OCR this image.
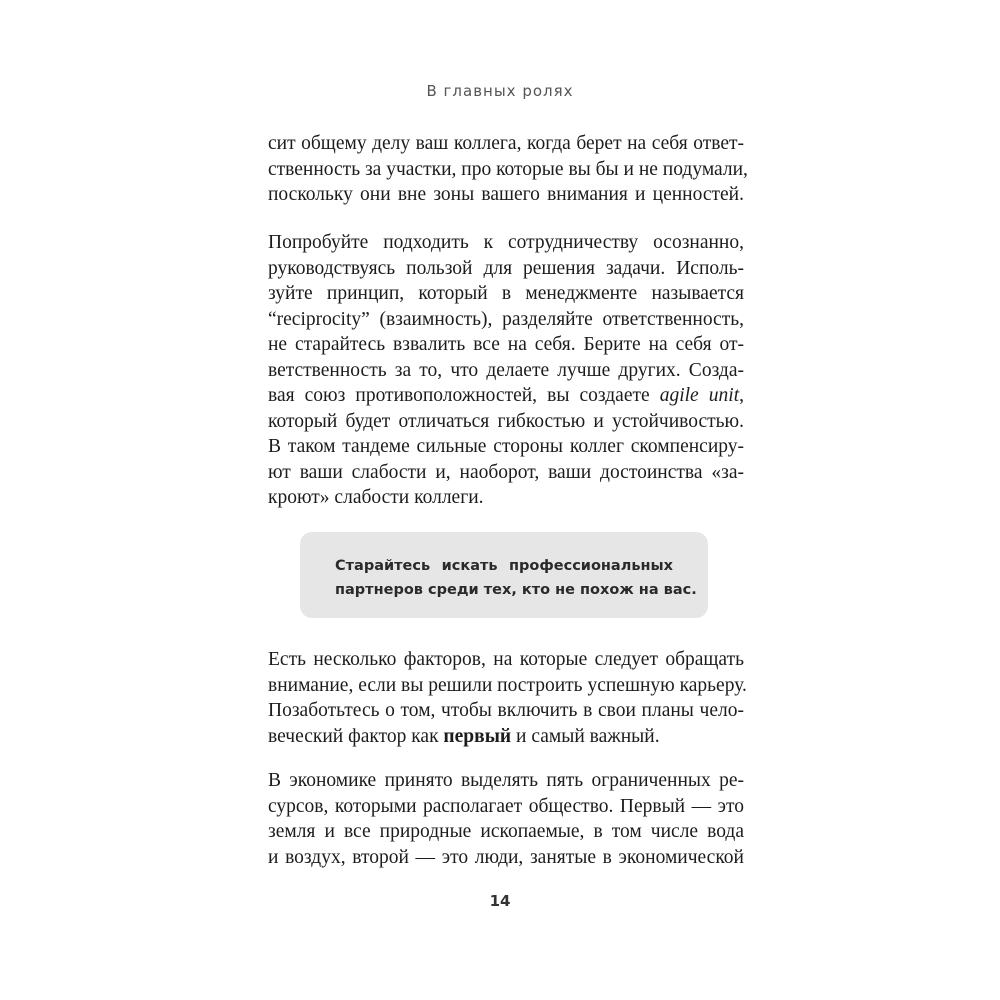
В главных ролях
сит общему делу ваш коллега, когда берет на себя ответ-
ственность за участки, про которые вы бы и не подумали,
поскольку они вне зоны вашего внимания и ценностей.
Попробуйте подходить к сотрудничеству осознанно,
руководствуясь пользой для решения задачи. Исполь-
зуйте принцип, который в менеджменте называется
“reciprocity” (взаимность), разделяйте ответственность,
не старайтесь взвалить все на себя. Берите на себя от-
ветственность за то, что делаете лучше других. Созда-
вая союз противоположностей, вы создаете agile unit,
который будет отличаться гибкостью и устойчивостью.
В таком тандеме сильные стороны коллег скомпенсиру-
ют ваши слабости и, наоборот, ваши достоинства «за-
кроют» слабости коллеги.
Старайтесь искать профессиональных
партнеров среди тех, кто не похож на вас.
Есть несколько факторов, на которые следует обращать
внимание, если вы решили построить успешную карьеру.
Позаботьтесь о том, чтобы включить в свои планы чело-
веческий фактор как первый и самый важный.
В экономике принято выделять пять ограниченных ре-
сурсов, которыми располагает общество. Первый — это
земля и все природные ископаемые, в том числе вода
и воздух, второй — это люди, занятые в экономической
14
